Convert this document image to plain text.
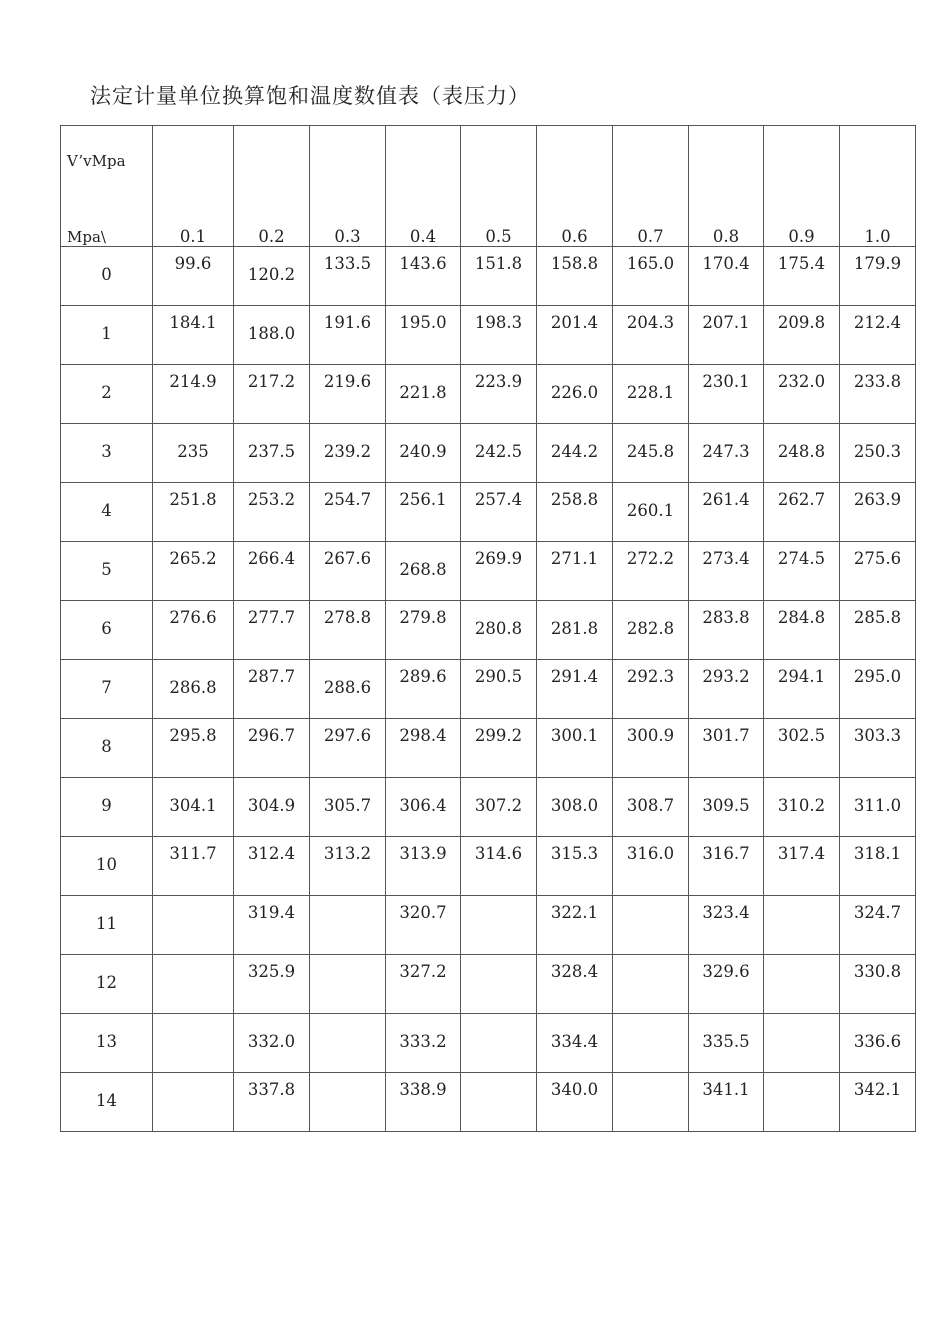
法定计量单位换算饱和温度数值表（表压力）
V’vMpa
Mpa\	0.1	0.2	0.3	0.4	0.5	0.6	0.7	0.8	0.9	1.0

0	99.6	120.2	133.5	143.6	151.8	158.8	165.0	170.4	175.4	179.9

1	184.1	188.0	191.6	195.0	198.3	201.4	204.3	207.1	209.8	212.4

2	214.9	217.2	219.6	221.8	223.9	226.0	228.1	230.1	232.0	233.8

3	235	237.5	239.2	240.9	242.5	244.2	245.8	247.3	248.8	250.3

4	251.8	253.2	254.7	256.1	257.4	258.8	260.1	261.4	262.7	263.9

5	265.2	266.4	267.6	268.8	269.9	271.1	272.2	273.4	274.5	275.6

6	276.6	277.7	278.8	279.8	280.8	281.8	282.8	283.8	284.8	285.8

7	286.8	287.7	288.6	289.6	290.5	291.4	292.3	293.2	294.1	295.0

8	295.8	296.7	297.6	298.4	299.2	300.1	300.9	301.7	302.5	303.3

9	304.1	304.9	305.7	306.4	307.2	308.0	308.7	309.5	310.2	311.0

10	311.7	312.4	313.2	313.9	314.6	315.3	316.0	316.7	317.4	318.1

11		319.4		320.7		322.1		323.4		324.7

12		325.9		327.2		328.4		329.6		330.8

13		332.0		333.2		334.4		335.5		336.6

14		337.8		338.9		340.0		341.1		342.1
